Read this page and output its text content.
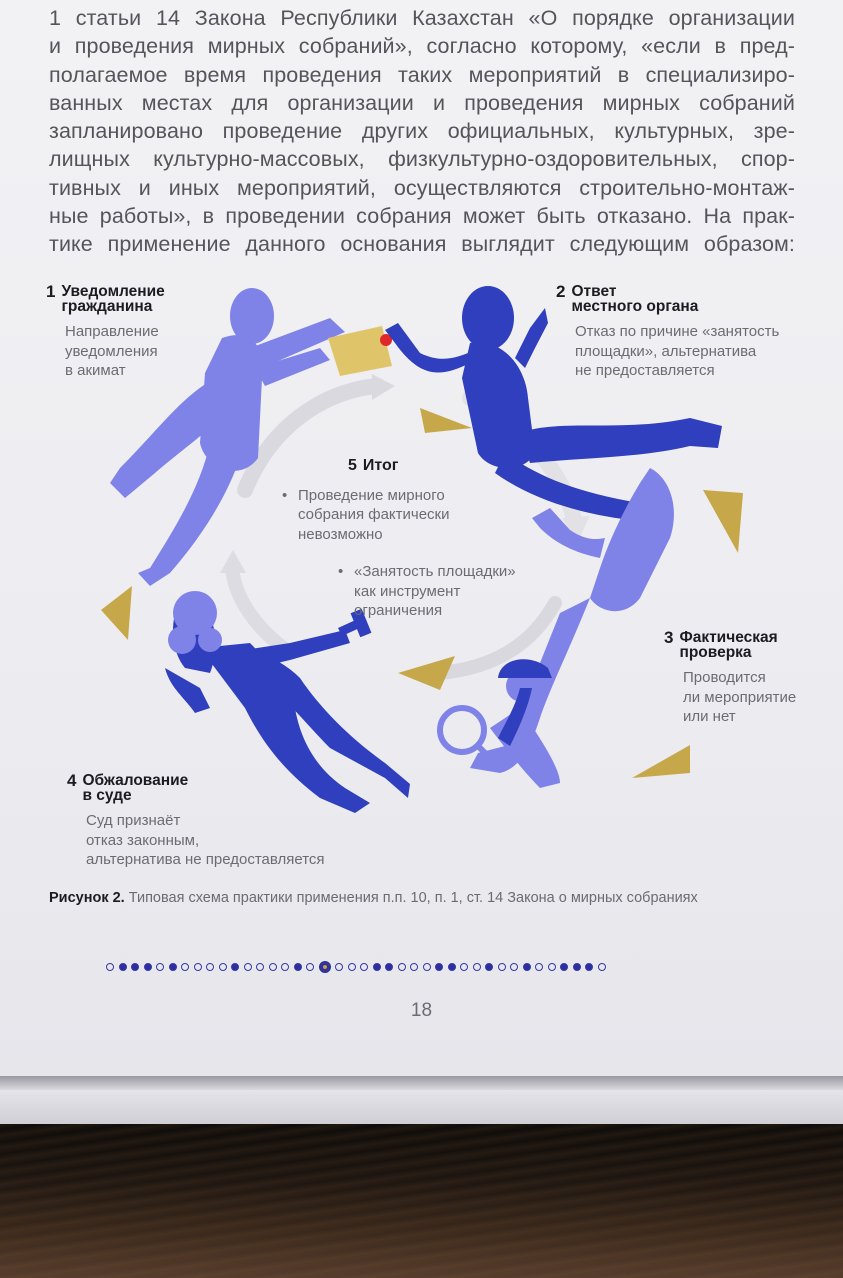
1 статьи 14 Закона Республики Казахстан «О порядке организации
и проведения мирных собраний», согласно которому, «если в пред-
полагаемое время проведения таких мероприятий в специализиро-
ванных местах для организации и проведения мирных собраний
запланировано проведение других официальных, культурных, зре-
лищных культурно-массовых, физкультурно-оздоровительных, спор-
тивных и иных мероприятий, осуществляются строительно-монтаж-
ные работы», в проведении собрания может быть отказано. На прак-
тике применение данного основания выглядит следующим образом:
1 Уведомление
гражданина
Направление
уведомления
в акимат
2 Ответ
местного органа
Отказ по причине «занятость
площадки», альтернатива
не предоставляется
3 Фактическая
проверка
Проводится
ли мероприятие
или нет
4 Обжалование
в суде
Суд признаёт
отказ законным,
альтернатива не предоставляется
5 Итог
• Проведение мирного
собрания фактически
невозможно
• «Занятость площадки»
как инструмент
ограничения
Рисунок 2. Типовая схема практики применения п.п. 10, п. 1, ст. 14 Закона о мирных собраниях
18
